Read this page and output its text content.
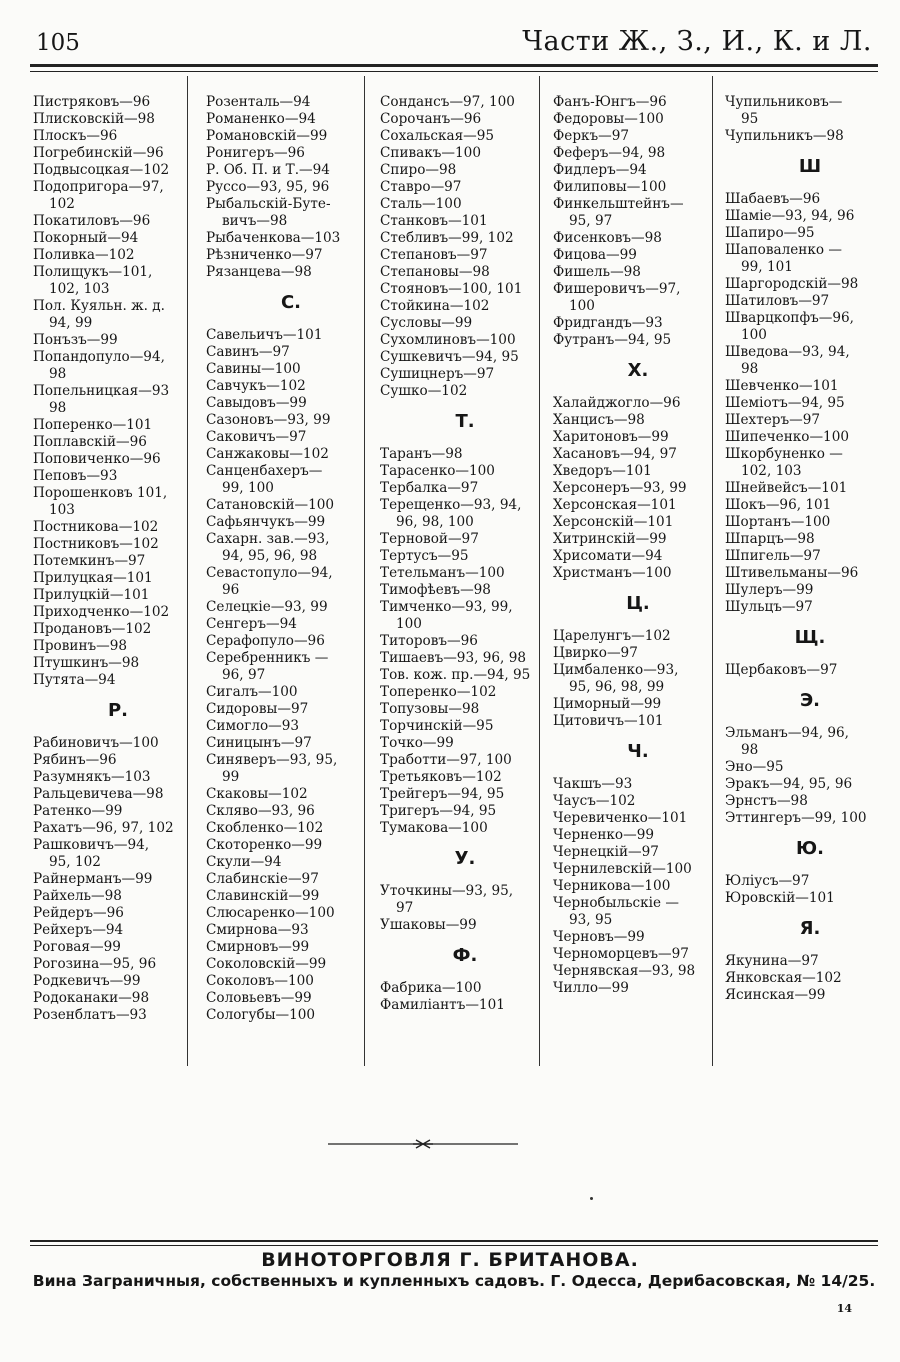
105	Части Ж., З., И., К. и Л.
Пистряковъ—96
Плисковскій—98
Плоскъ—96
Погребинскій—96
Подвысоцкая—102
Подопригора—97,
102
Покатиловъ—96
Покорный—94
Поливка—102
Полищукъ—101,
102, 103
Пол. Куяльн. ж. д.
94, 99
Понъзъ—99
Попандопуло—94,
98
Попельницкая—93
98
Поперенко—101
Поплавскій—96
Поповиченко—96
Пеповъ—93
Порошенковъ 101,
103
Постникова—102
Постниковъ—102
Потемкинъ—97
Прилуцкая—101
Прилуцкій—101
Приходченко—102
Продановъ—102
Провинъ—98
Птушкинъ—98
Путята—94
Р.
Рабиновичъ—100
Рябинъ—96
Разумнякъ—103
Ральцевичева—98
Ратенко—99
Рахатъ—96, 97, 102
Рашковичъ—94,
95, 102
Райнерманъ—99
Райхель—98
Рейдеръ—96
Рейхеръ—94
Роговая—99
Рогозина—95, 96
Родкевичъ—99
Родоканаки—98
Розенблатъ—93
Розенталь—94
Романенко—94
Романовскій—99
Ронигеръ—96
Р. Об. П. и Т.—94
Руссо—93, 95, 96
Рыбальскій-Буте-
вичъ—98
Рыбаченкова—103
Рѣзниченко—97
Рязанцева—98
С.
Савельичъ—101
Савинъ—97
Савины—100
Савчукъ—102
Савыдовъ—99
Сазоновъ—93, 99
Саковичъ—97
Санжаковы—102
Санценбахеръ—
99, 100
Сатановскій—100
Сафьянчукъ—99
Сахарн. зав.—93,
94, 95, 96, 98
Севастопуло—94,
96
Селецкіе—93, 99
Сенгеръ—94
Серафопуло—96
Серебренникъ —
96, 97
Сигалъ—100
Сидоровы—97
Симогло—93
Синицынъ—97
Синяверъ—93, 95,
99
Скаковы—102
Скляво—93, 96
Скобленко—102
Скоторенко—99
Скули—94
Слабинскіе—97
Славинскій—99
Слюсаренко—100
Смирнова—93
Смирновъ—99
Соколовскій—99
Соколовъ—100
Соловьевъ—99
Сологубы—100
Сондансъ—97, 100
Сорочанъ—96
Сохальская—95
Спивакъ—100
Спиро—98
Ставро—97
Сталь—100
Станковъ—101
Стебливъ—99, 102
Степановъ—97
Степановы—98
Стояновъ—100, 101
Стойкина—102
Сусловы—99
Сухомлиновъ—100
Сушкевичъ—94, 95
Сушицнеръ—97
Сушко—102
Т.
Таранъ—98
Тарасенко—100
Тербалка—97
Терещенко—93, 94,
96, 98, 100
Терновой—97
Тертусъ—95
Тетельманъ—100
Тимофѣевъ—98
Тимченко—93, 99,
100
Титоровъ—96
Тишаевъ—93, 96, 98
Тов. кож. пр.—94, 95
Топеренко—102
Топузовы—98
Торчинскій—95
Точко—99
Тработти—97, 100
Третьяковъ—102
Трейгеръ—94, 95
Тригеръ—94, 95
Тумакова—100
У.
Уточкины—93, 95,
97
Ушаковы—99
Ф.
Фабрика—100
Фамиліантъ—101
Фанъ-Юнгъ—96
Федоровы—100
Феркъ—97
Феферъ—94, 98
Фидлеръ—94
Филиповы—100
Финкельштейнъ—
95, 97
Фисенковъ—98
Фицова—99
Фишель—98
Фишеровичъ—97,
100
Фридгандъ—93
Футранъ—94, 95
Х.
Халайджогло—96
Ханцисъ—98
Харитоновъ—99
Хасановъ—94, 97
Хведоръ—101
Херсонеръ—93, 99
Херсонская—101
Херсонскій—101
Хитринскій—99
Хрисомати—94
Христманъ—100
Ц.
Царелунгъ—102
Цвирко—97
Цимбаленко—93,
95, 96, 98, 99
Циморный—99
Цитовичъ—101
Ч.
Чакшъ—93
Чаусъ—102
Черевиченко—101
Черненко—99
Чернецкій—97
Чернилевскій—100
Черникова—100
Чернобыльскіе —
93, 95
Черновъ—99
Черноморцевъ—97
Чернявская—93, 98
Чилло—99
Чупильниковъ—
95
Чупильникъ—98
Ш
Шабаевъ—96
Шаміе—93, 94, 96
Шапиро—95
Шаповаленко —
99, 101
Шаргородскій—98
Шатиловъ—97
Шварцкопфъ—96,
100
Шведова—93, 94,
98
Шевченко—101
Шеміотъ—94, 95
Шехтеръ—97
Шипеченко—100
Шкорбуненко —
102, 103
Шнейвейсъ—101
Шокъ—96, 101
Шортанъ—100
Шпарцъ—98
Шпигель—97
Штивельманы—96
Шулеръ—99
Шульцъ—97
Щ.
Щербаковъ—97
Э.
Эльманъ—94, 96,
98
Эно—95
Эракъ—94, 95, 96
Эрнстъ—98
Эттингеръ—99, 100
Ю.
Юліусъ—97
Юровскій—101
Я.
Якунина—97
Янковская—102
Ясинская—99
ВИНОТОРГОВЛЯ Г. БРИТАНОВА.
Вина Заграничныя, собственныхъ и купленныхъ садовъ. Г. Одесса, Дерибасовская, № 14/25.
14
